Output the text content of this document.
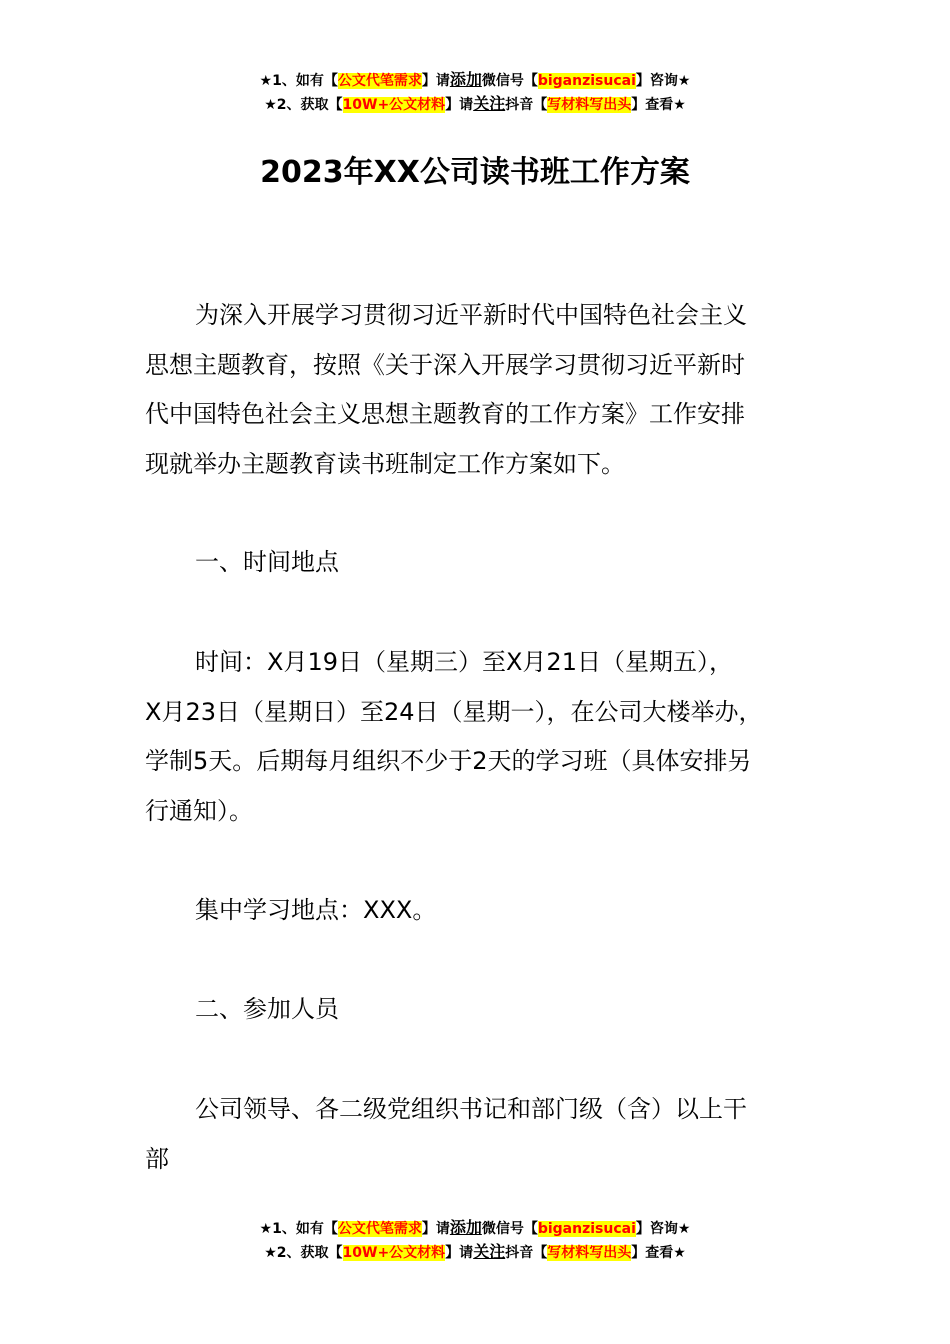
★1、如有【公文代笔需求】请添加微信号【biganzisucai】咨询★
★2、获取【10W+公文材料】请关注抖音【写材料写出头】查看★
2023年XX公司读书班工作方案
为深入开展学习贯彻习近平新时代中国特色社会主义
思想主题教育，按照《关于深入开展学习贯彻习近平新时
代中国特色社会主义思想主题教育的工作方案》工作安排
现就举办主题教育读书班制定工作方案如下。
一、时间地点
时间：X月19日（星期三）至X月21日（星期五），
X月23日（星期日）至24日（星期一），在公司大楼举办，
学制5天。后期每月组织不少于2天的学习班（具体安排另
行通知）。
集中学习地点：XXX。
二、参加人员
公司领导、各二级党组织书记和部门级（含）以上干
部
★1、如有【公文代笔需求】请添加微信号【biganzisucai】咨询★
★2、获取【10W+公文材料】请关注抖音【写材料写出头】查看★
